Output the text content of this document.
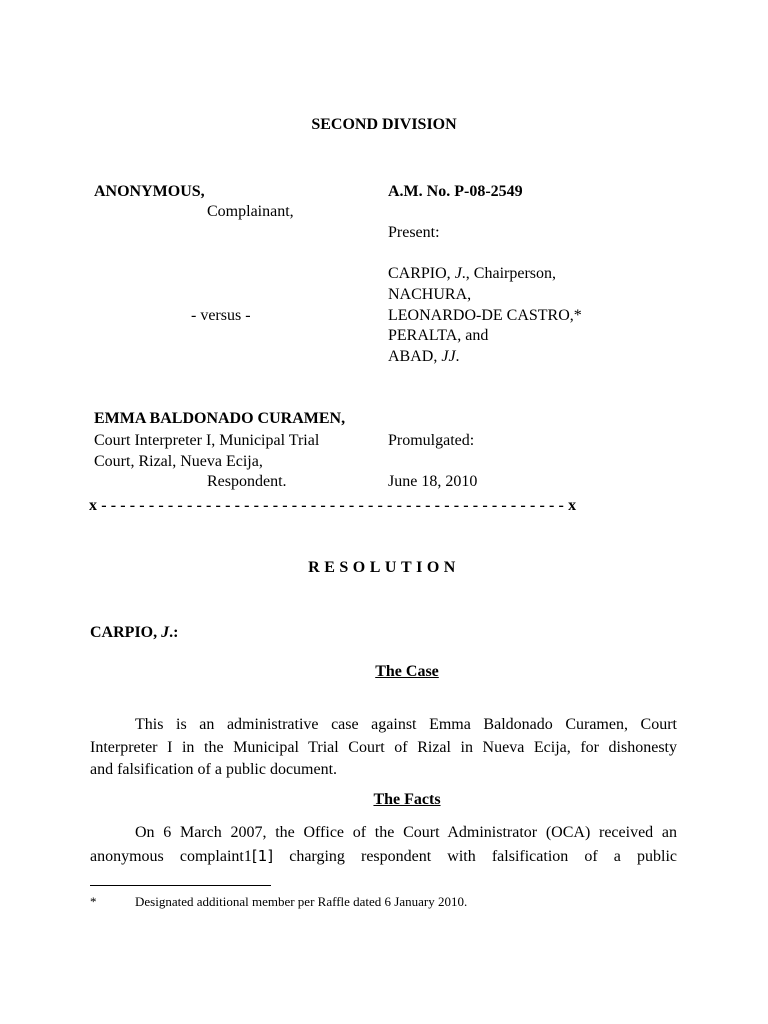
SECOND DIVISION
ANONYMOUS,
Complainant,
- versus -
EMMA BALDONADO CURAMEN,
Court Interpreter I, Municipal Trial
Court, Rizal, Nueva Ecija,
Respondent.
A.M. No. P-08-2549
Present:
CARPIO, J., Chairperson,
NACHURA,
LEONARDO-DE CASTRO,*
PERALTA, and
ABAD, JJ.
Promulgated:
June 18, 2010
x - - - - - - - - - - - - - - - - - - - - - - - - - - - - - - - - - - - - - - - - - - - - - - - - - x
RESOLUTION
CARPIO, J.:
The Case
This is an administrative case against Emma Baldonado Curamen, Court
Interpreter I in the Municipal Trial Court of Rizal in Nueva Ecija, for dishonesty
and falsification of a public document.
The Facts
On 6 March 2007, the Office of the Court Administrator (OCA) received an
anonymous complaint1[1] charging respondent with falsification of a public
*	Designated additional member per Raffle dated 6 January 2010.
